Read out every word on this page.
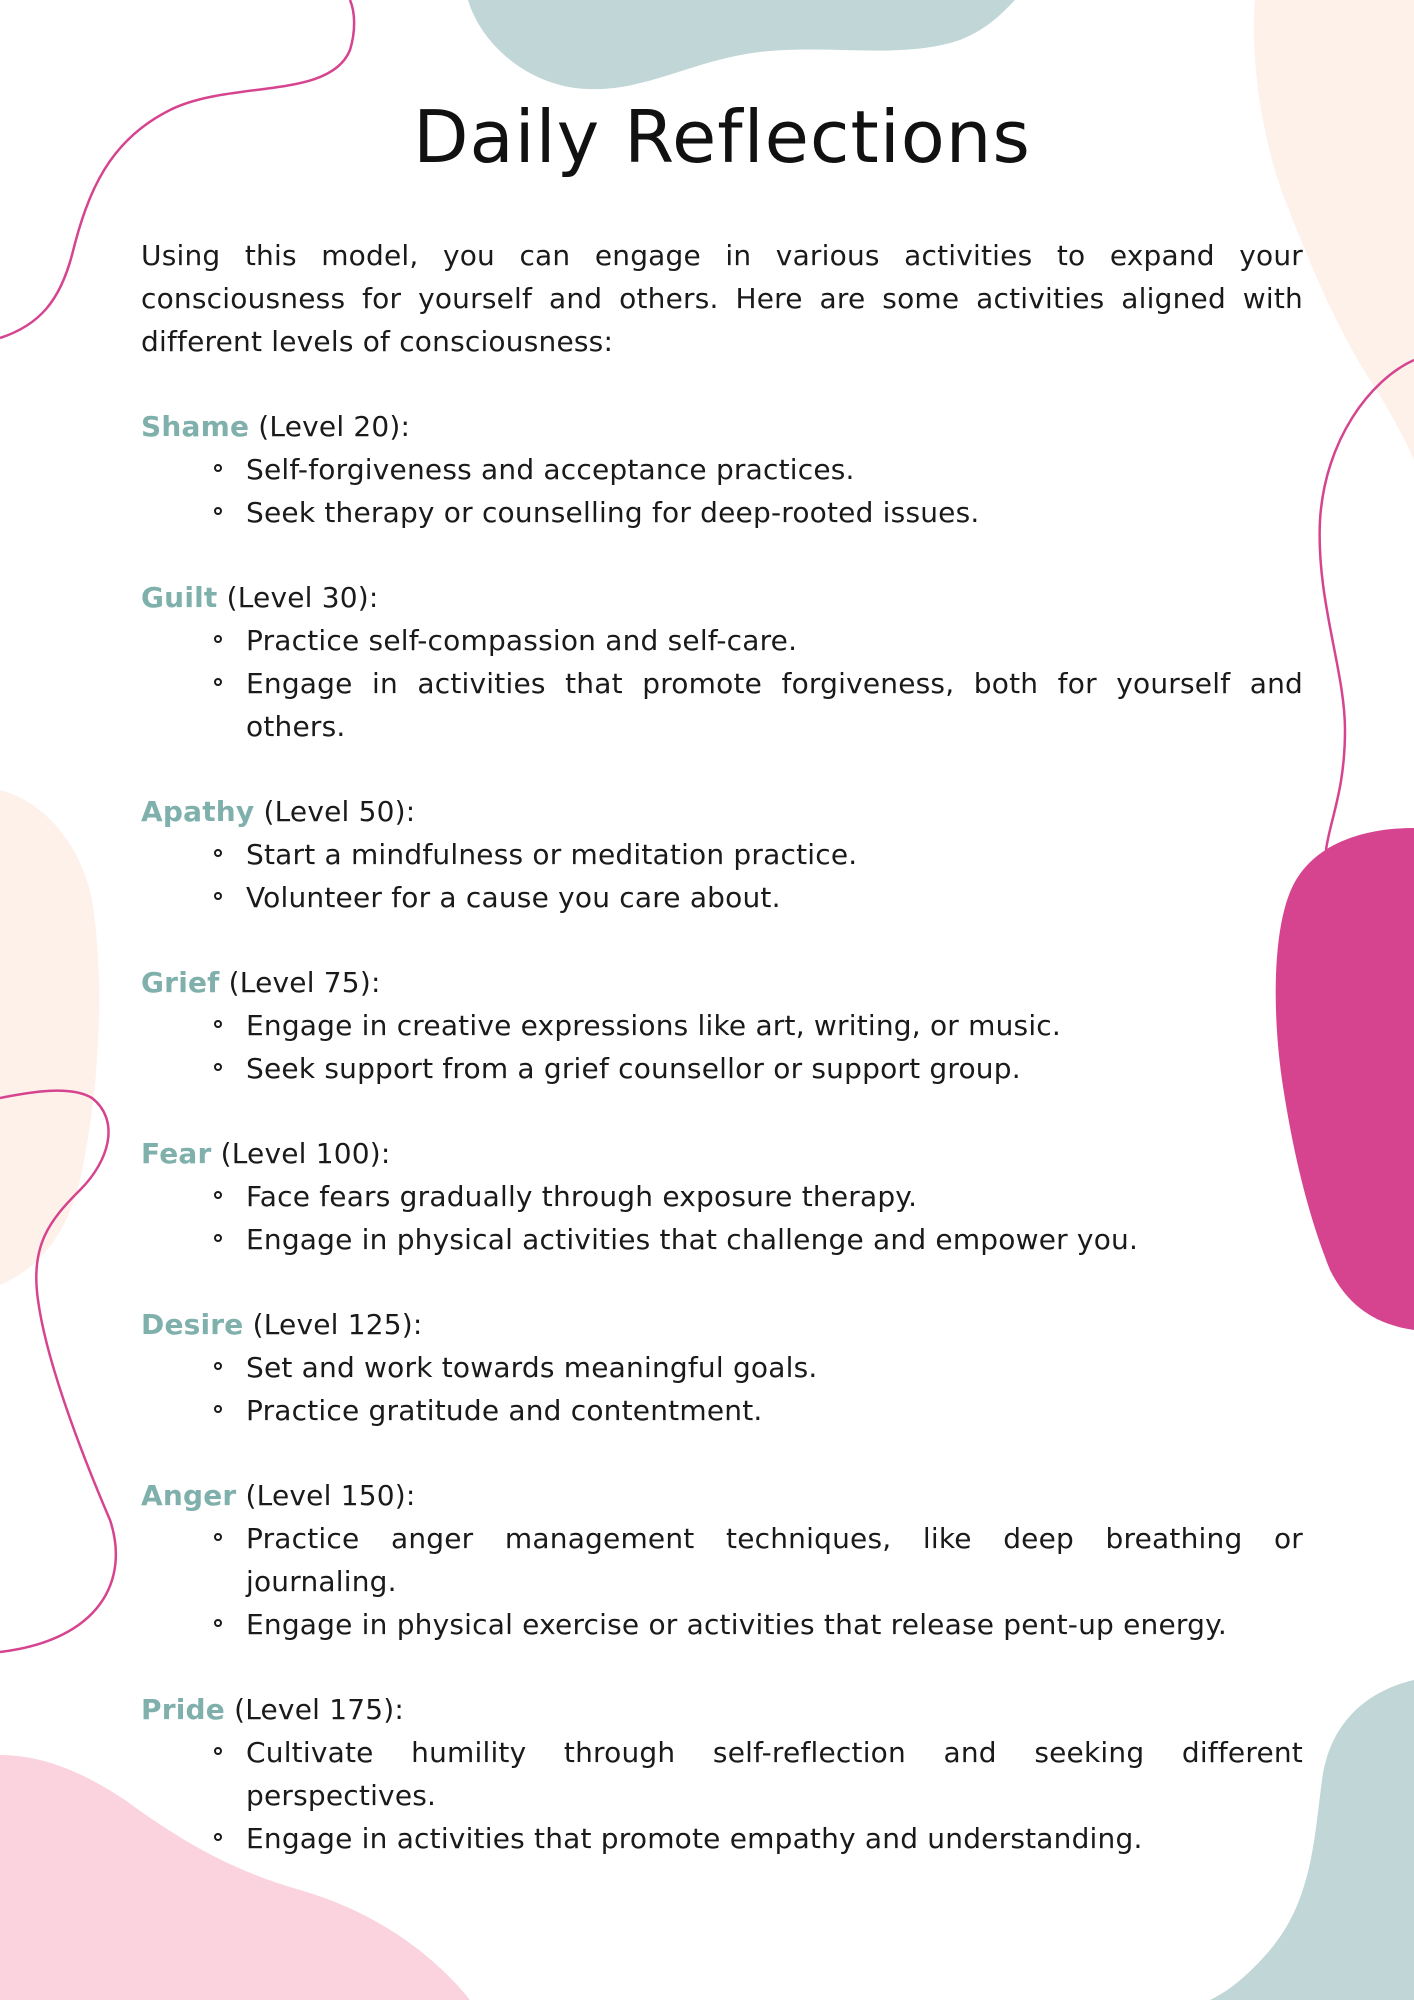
Daily Reflections

Using this model, you can engage in various activities to expand your consciousness for yourself and others. Here are some activities aligned with different levels of consciousness:

Shame (Level 20):

Self-forgiveness and acceptance practices.
Seek therapy or counselling for deep-rooted issues.

Guilt (Level 30):

Practice self-compassion and self-care.
Engage in activities that promote forgiveness, both for yourself and others.

Apathy (Level 50):

Start a mindfulness or meditation practice.
Volunteer for a cause you care about.

Grief (Level 75):

Engage in creative expressions like art, writing, or music.
Seek support from a grief counsellor or support group.

Fear (Level 100):

Face fears gradually through exposure therapy.
Engage in physical activities that challenge and empower you.

Desire (Level 125):

Set and work towards meaningful goals.
Practice gratitude and contentment.

Anger (Level 150):

Practice anger management techniques, like deep breathing or journaling.
Engage in physical exercise or activities that release pent-up energy.

Pride (Level 175):

Cultivate humility through self-reflection and seeking different perspectives.
Engage in activities that promote empathy and understanding.
